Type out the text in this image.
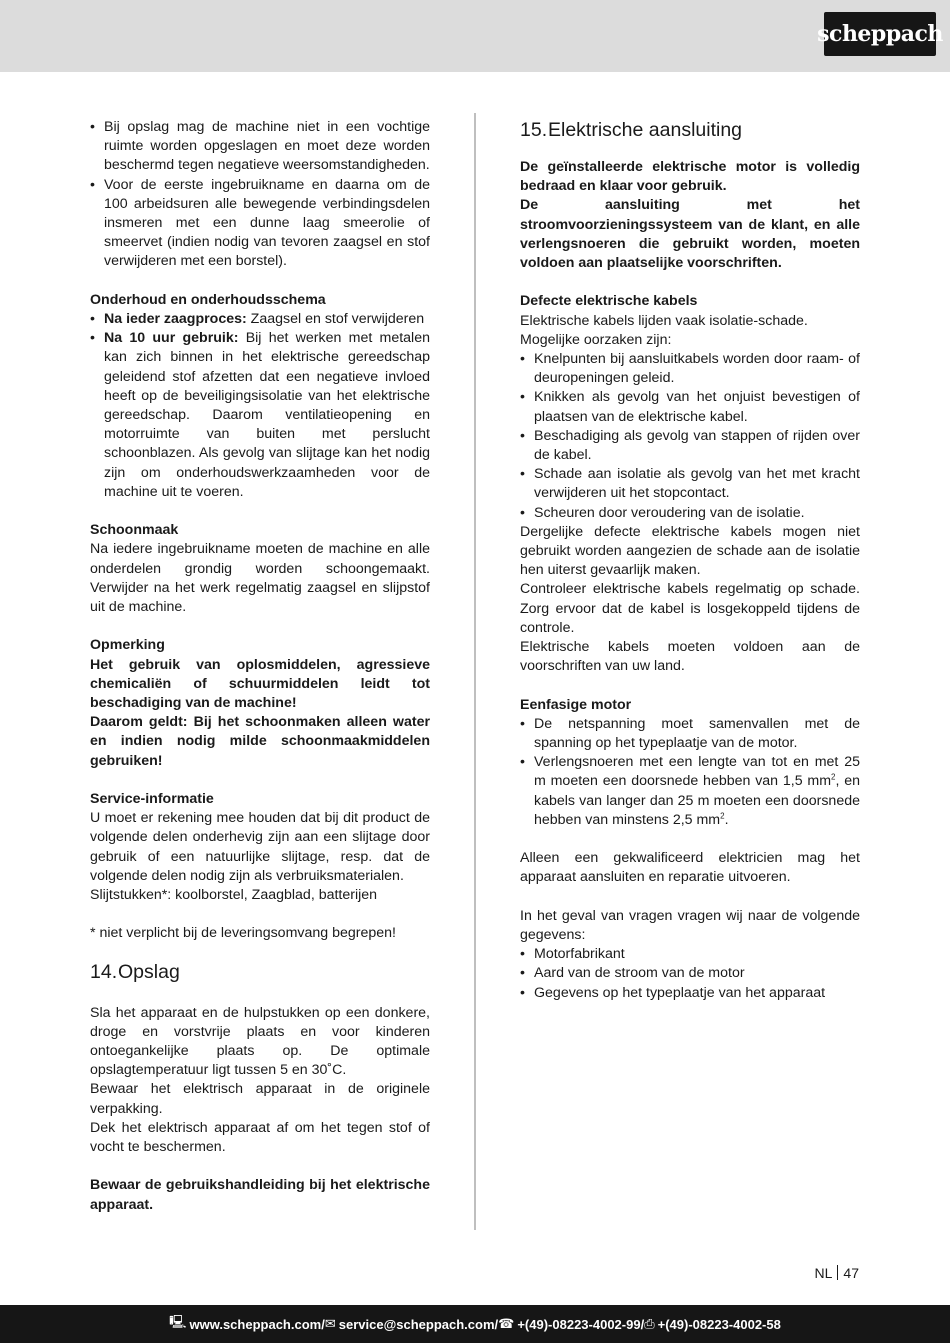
scheppach
• Bij opslag mag de machine niet in een vochtige ruimte worden opgeslagen en moet deze worden beschermd tegen negatieve weersomstandigheden.
• Voor de eerste ingebruikname en daarna om de 100 arbeidsuren alle bewegende verbindingsdelen insmeren met een dunne laag smeerolie of smeervet (indien nodig van tevoren zaagsel en stof verwijderen met een borstel).

Onderhoud en onderhoudsschema

• Na ieder zaagproces: Zaagsel en stof verwijderen
• Na 10 uur gebruik: Bij het werken met metalen kan zich binnen in het elektrische gereedschap geleidend stof afzetten dat een negatieve invloed heeft op de beveiligingsisolatie van het elektrische gereedschap. Daarom ventilatieopening en motorruimte van buiten met perslucht schoonblazen. Als gevolg van slijtage kan het nodig zijn om onderhoudswerkzaamheden voor de machine uit te voeren.

Schoonmaak

Na iedere ingebruikname moeten de machine en alle onderdelen grondig worden schoongemaakt. Verwijder na het werk regelmatig zaagsel en slijpstof uit de machine.

Opmerking

Het gebruik van oplosmiddelen, agressieve chemicaliën of schuurmiddelen leidt tot beschadiging van de machine!

Daarom geldt: Bij het schoonmaken alleen water en indien nodig milde schoonmaakmiddelen gebruiken!

Service-informatie

U moet er rekening mee houden dat bij dit product de volgende delen onderhevig zijn aan een slijtage door gebruik of een natuurlijke slijtage, resp. dat de volgende delen nodig zijn als verbruiksmaterialen.

Slijtstukken*: koolborstel, Zaagblad, batterijen

* niet verplicht bij de leveringsomvang begrepen!

14.Opslag

Sla het apparaat en de hulpstukken op een donkere, droge en vorstvrije plaats en voor kinderen ontoegankelijke plaats op. De optimale opslagtemperatuur ligt tussen 5 en 30˚C.

Bewaar het elektrisch apparaat in de originele verpakking.

Dek het elektrisch apparaat af om het tegen stof of vocht te beschermen.

Bewaar de gebruikshandleiding bij het elektrische apparaat.

15.Elektrische aansluiting

De geïnstalleerde elektrische motor is volledig bedraad en klaar voor gebruik.

De aansluiting met het stroomvoorzieningssysteem van de klant, en alle verlengsnoeren die gebruikt worden, moeten voldoen aan plaatselijke voorschriften.

Defecte elektrische kabels

Elektrische kabels lijden vaak isolatie-schade.

Mogelijke oorzaken zijn:

• Knelpunten bij aansluitkabels worden door raam- of deuropeningen geleid.
• Knikken als gevolg van het onjuist bevestigen of plaatsen van de elektrische kabel.
• Beschadiging als gevolg van stappen of rijden over de kabel.
• Schade aan isolatie als gevolg van het met kracht verwijderen uit het stopcontact.
• Scheuren door veroudering van de isolatie.

Dergelijke defecte elektrische kabels mogen niet gebruikt worden aangezien de schade aan de isolatie hen uiterst gevaarlijk maken.

Controleer elektrische kabels regelmatig op schade. Zorg ervoor dat de kabel is losgekoppeld tijdens de controle.

Elektrische kabels moeten voldoen aan de voorschriften van uw land.

Eenfasige motor

• De netspanning moet samenvallen met de spanning op het typeplaatje van de motor.
• Verlengsnoeren met een lengte van tot en met 25 m moeten een doorsnede hebben van 1,5 $mm^2$, en kabels van langer dan 25 m moeten een doorsnede hebben van minstens 2,5 $mm^2$.

Alleen een gekwalificeerd elektricien mag het apparaat aansluiten en reparatie uitvoeren.

In het geval van vragen vragen wij naar de volgende gegevens:

• Motorfabrikant
• Aard van de stroom van de motor
• Gegevens op het typeplaatje van het apparaat
NL 47
🖳 www.scheppach.com / ✉ service@scheppach.com / ☎ +(49)-08223-4002-99 / ⎙ +(49)-08223-4002-58
